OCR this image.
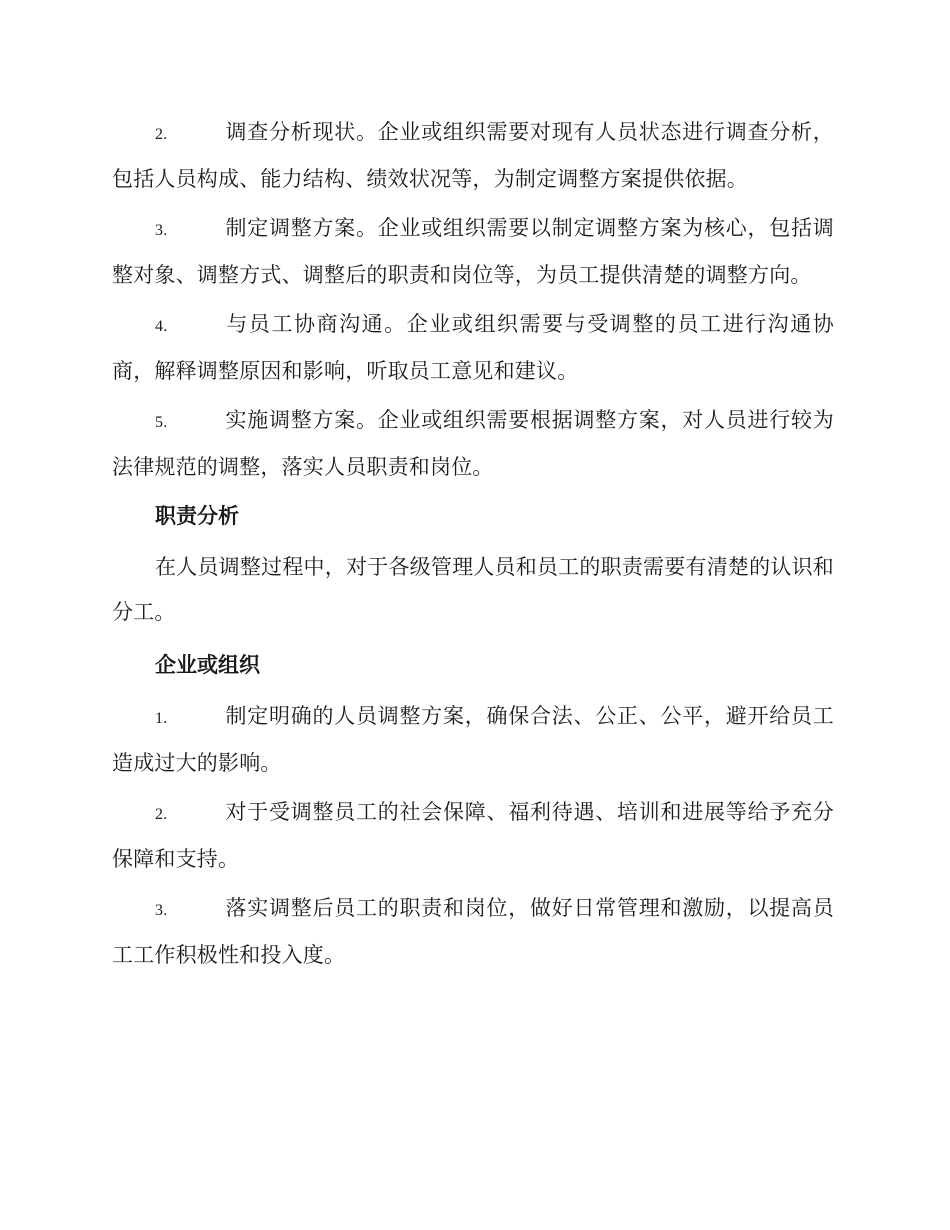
2.	调查分析现状。企业或组织需要对现有人员状态进行调查分析，包括人员构成、能力结构、绩效状况等，为制定调整方案提供依据。

3.	制定调整方案。企业或组织需要以制定调整方案为核心，包括调整对象、调整方式、调整后的职责和岗位等，为员工提供清楚的调整方向。

4.	与员工协商沟通。企业或组织需要与受调整的员工进行沟通协商，解释调整原因和影响，听取员工意见和建议。

5.	实施调整方案。企业或组织需要根据调整方案，对人员进行较为法律规范的调整，落实人员职责和岗位。

职责分析

在人员调整过程中，对于各级管理人员和员工的职责需要有清楚的认识和分工。

企业或组织

1.	制定明确的人员调整方案，确保合法、公正、公平，避开给员工造成过大的影响。

2.	对于受调整员工的社会保障、福利待遇、培训和进展等给予充分保障和支持。

3.	落实调整后员工的职责和岗位，做好日常管理和激励，以提高员工工作积极性和投入度。
